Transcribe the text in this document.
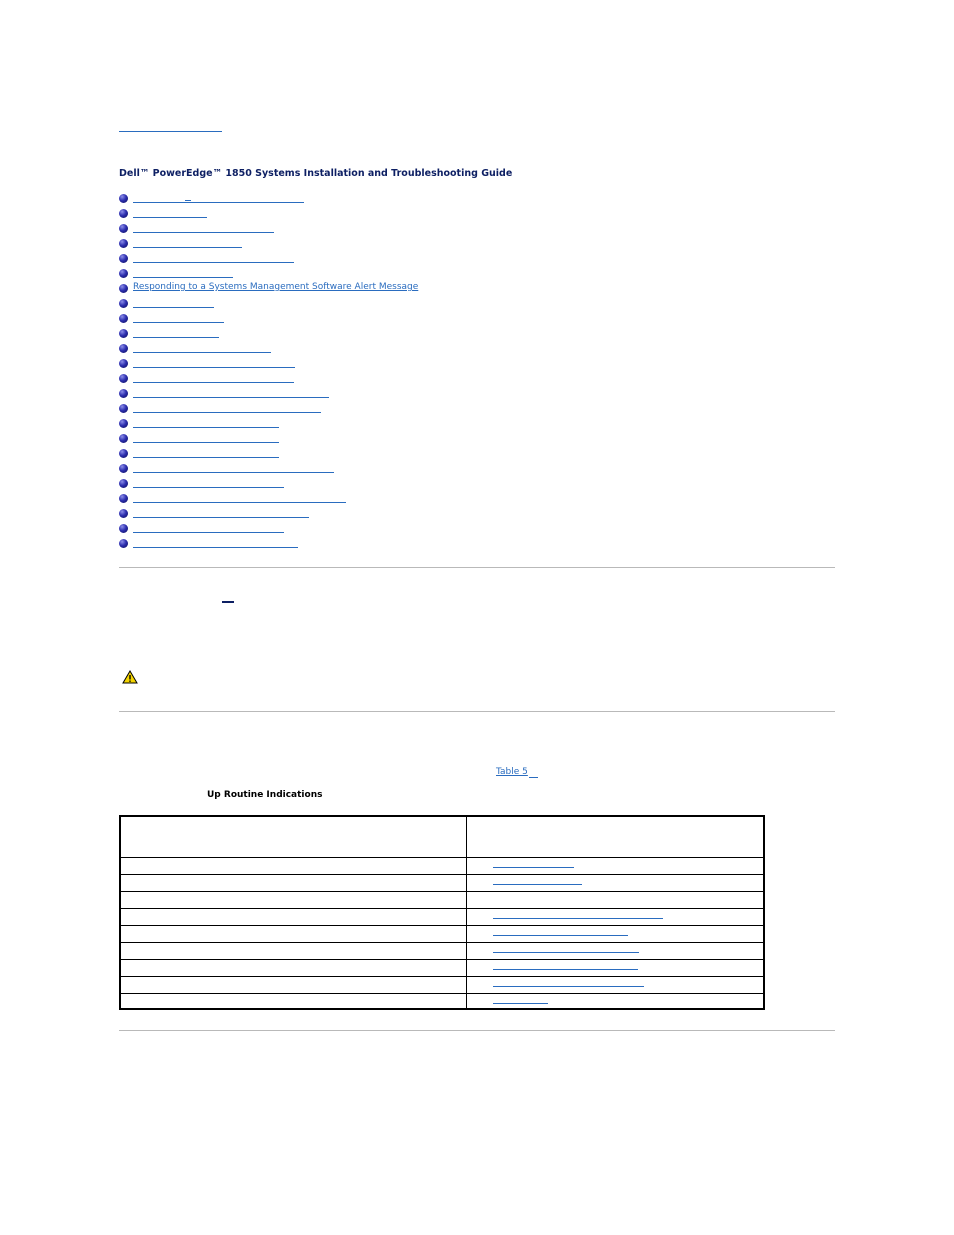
Dell™ PowerEdge™ 1850 Systems Installation and Troubleshooting Guide
Responding to a Systems Management Software Alert Message
Table 5
Up Routine Indications
